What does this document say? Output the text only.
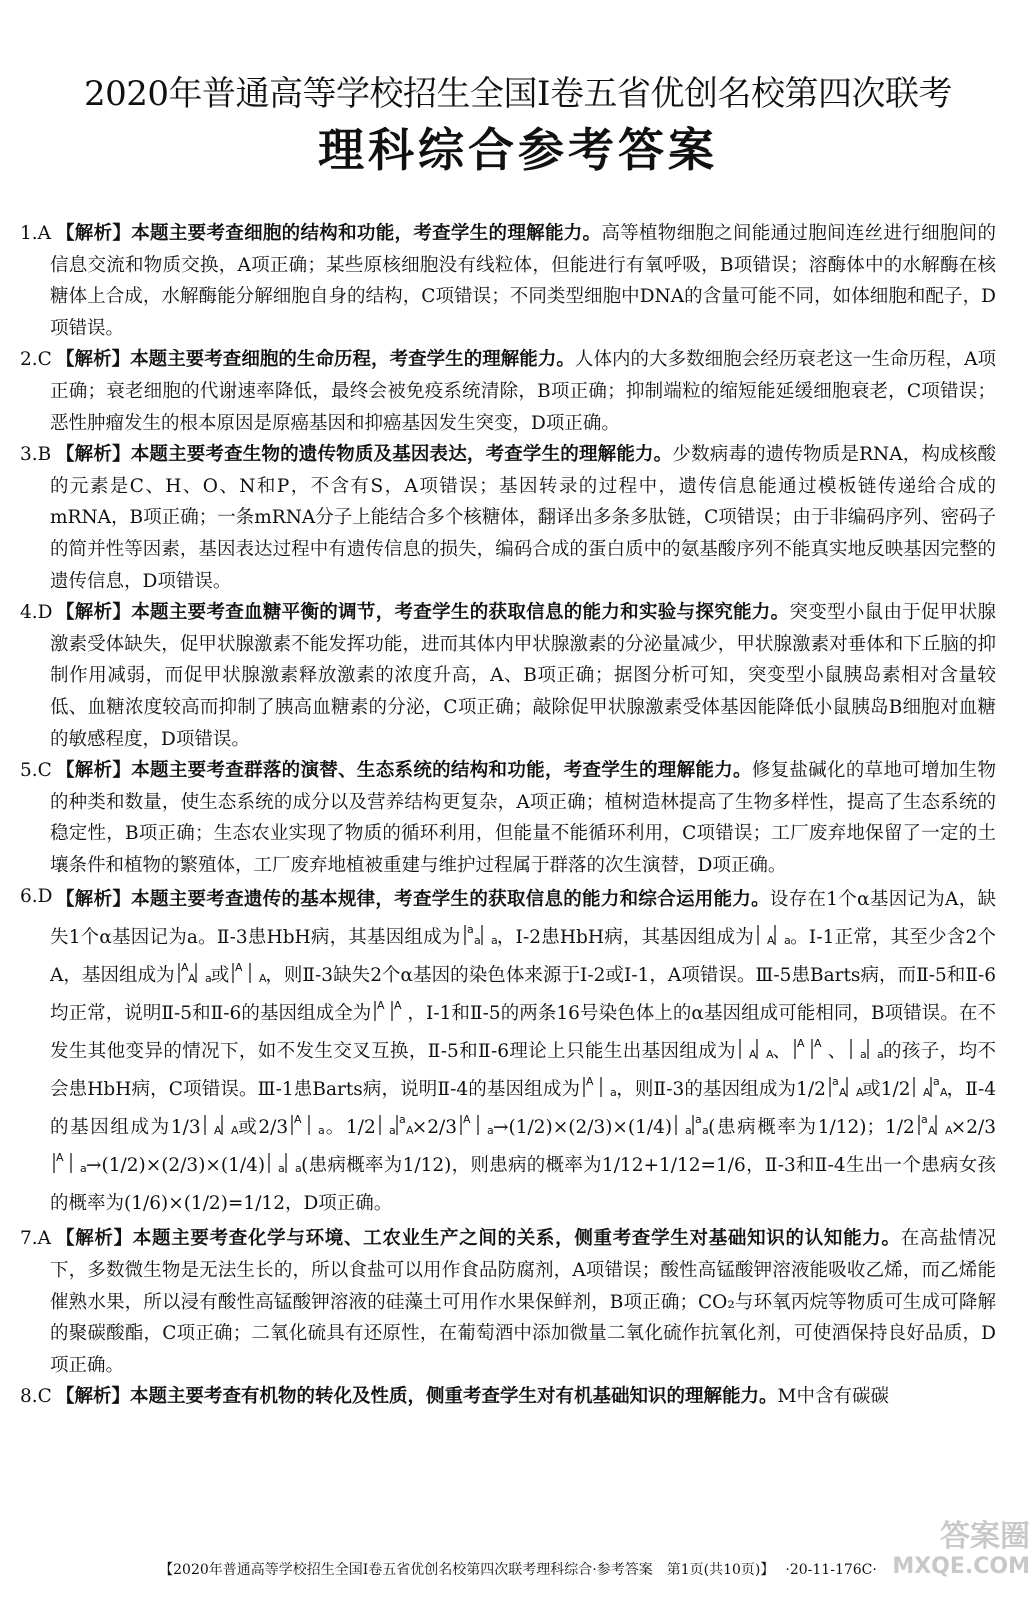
2020年普通高等学校招生全国Ⅰ卷五省优创名校第四次联考
理科综合参考答案
1.A 【解析】本题主要考查细胞的结构和功能，考查学生的理解能力。高等植物细胞之间能通过胞间连丝进行细胞间的信息交流和物质交换，A项正确；某些原核细胞没有线粒体，但能进行有氧呼吸，B项错误；溶酶体中的水解酶在核糖体上合成，水解酶能分解细胞自身的结构，C项错误；不同类型细胞中DNA的含量可能不同，如体细胞和配子，D项错误。
2.C 【解析】本题主要考查细胞的生命历程，考查学生的理解能力。人体内的大多数细胞会经历衰老这一生命历程，A项正确；衰老细胞的代谢速率降低，最终会被免疫系统清除，B项正确；抑制端粒的缩短能延缓细胞衰老，C项错误；恶性肿瘤发生的根本原因是原癌基因和抑癌基因发生突变，D项正确。
3.B 【解析】本题主要考查生物的遗传物质及基因表达，考查学生的理解能力。少数病毒的遗传物质是RNA，构成核酸的元素是C、H、O、N和P，不含有S，A项错误；基因转录的过程中，遗传信息能通过模板链传递给合成的mRNA，B项正确；一条mRNA分子上能结合多个核糖体，翻译出多条多肽链，C项错误；由于非编码序列、密码子的简并性等因素，基因表达过程中有遗传信息的损失，编码合成的蛋白质中的氨基酸序列不能真实地反映基因完整的遗传信息，D项错误。
4.D 【解析】本题主要考查血糖平衡的调节，考查学生的获取信息的能力和实验与探究能力。突变型小鼠由于促甲状腺激素受体缺失，促甲状腺激素不能发挥功能，进而其体内甲状腺激素的分泌量减少，甲状腺激素对垂体和下丘脑的抑制作用减弱，而促甲状腺激素释放激素的浓度升高，A、B项正确；据图分析可知，突变型小鼠胰岛素相对含量较低、血糖浓度较高而抑制了胰高血糖素的分泌，C项正确；敲除促甲状腺激素受体基因能降低小鼠胰岛B细胞对血糖的敏感程度，D项错误。
5.C 【解析】本题主要考查群落的演替、生态系统的结构和功能，考查学生的理解能力。修复盐碱化的草地可增加生物的种类和数量，使生态系统的成分以及营养结构更复杂，A项正确；植树造林提高了生物多样性，提高了生态系统的稳定性，B项正确；生态农业实现了物质的循环利用，但能量不能循环利用，C项错误；工厂废弃地保留了一定的土壤条件和植物的繁殖体，工厂废弃地植被重建与维护过程属于群落的次生演替，D项正确。
6.D 【解析】本题主要考查遗传的基本规律，考查学生的获取信息的能力和综合运用能力。设存在1个α基因记为A，缺失1个α基因记为a。Ⅱ-3患HbH病，其基因组成为 a
a a ，Ⅰ-2患HbH病，其基因组成为 A a 。Ⅰ-1正常，其至少含2个A，基因组成为 A
A a 或 A
A
，则Ⅱ-3缺失2个α基因的染色体来源于Ⅰ-2或Ⅰ-1，A项错误。Ⅲ-5患Barts病，而Ⅱ-5和Ⅱ-6均正常，说明Ⅱ-5和Ⅱ-6的基因组成全为 A A ，Ⅰ-1和Ⅱ-5的两条16号染色体上的α基因组成可能相同，B项错误。在不发生其他变异的情况下，如不发生交叉互换，Ⅱ-5和Ⅱ-6理论上只能生出基因组成为 A A
、 A A 、 a a 的孩子，均不会患HbH病，C项错误。Ⅲ-1患Barts病，说明Ⅱ-4的基因组成为 A
a ，则Ⅱ-3的基因组成为1/2 a
A A
或1/2 A
a
A
，Ⅱ-4的基因组成为1/3 A A
或2/3 A
a 。1/2 a
a
A
×2/3 A
a →(1/2)×(2/3)×(1/4) a
a
a (患病概率为1/12)；1/2 a
A A
×2/3
A
a →(1/2)×(2/3)×(1/4) a a (患病概率为1/12)，则患病的概率为1/12+1/12=1/6，Ⅱ-3和Ⅱ-4生出一个患病女孩的概率为(1/6)×(1/2)=1/12，D项正确。
7.A 【解析】本题主要考查化学与环境、工农业生产之间的关系，侧重考查学生对基础知识的认知能力。在高盐情况下，多数微生物是无法生长的，所以食盐可以用作食品防腐剂，A项错误；酸性高锰酸钾溶液能吸收乙烯，而乙烯能催熟水果，所以浸有酸性高锰酸钾溶液的硅藻土可用作水果保鲜剂，B项正确；CO₂与环氧丙烷等物质可生成可降解的聚碳酸酯，C项正确；二氧化硫具有还原性，在葡萄酒中添加微量二氧化硫作抗氧化剂，可使酒保持良好品质，D项正确。
8.C 【解析】本题主要考查有机物的转化及性质，侧重考查学生对有机基础知识的理解能力。M中含有碳碳
【2020年普通高等学校招生全国Ⅰ卷五省优创名校第四次联考理科综合·参考答案　第1页(共10页)】 ·20-11-176C·
答案圈
MXQE.COM
